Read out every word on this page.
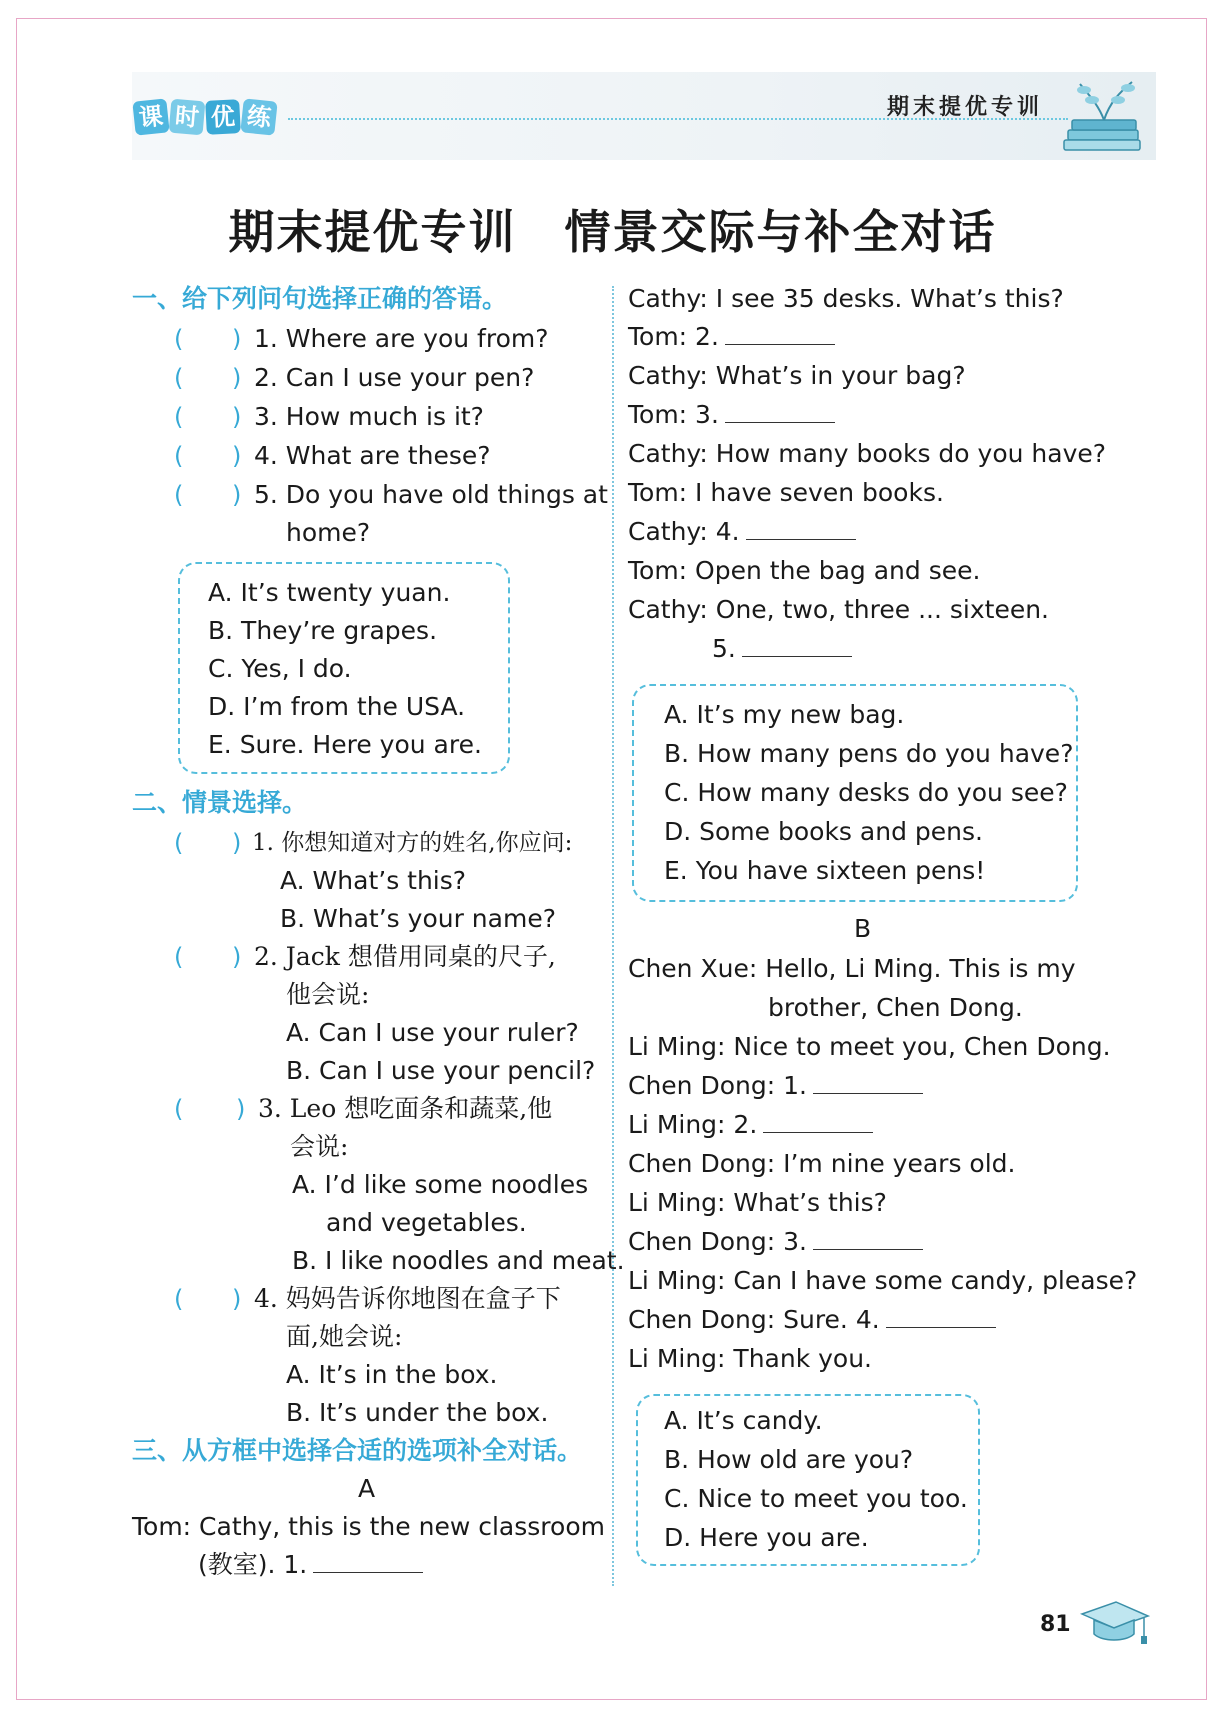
课 时 优 练	期末提优专训
期末提优专训　情景交际与补全对话
一、给下列问句选择正确的答语。
( ) 1. Where are you from?
( ) 2. Can I use your pen?
( ) 3. How much is it?
( ) 4. What are these?
( ) 5. Do you have old things at
home?
A. It’s twenty yuan.
B. They’re grapes.
C. Yes, I do.
D. I’m from the USA.
E. Sure. Here you are.
二、情景选择。
( ) 1. 你想知道对方的姓名,你应问:
A. What’s this?
B. What’s your name?
( ) 2. Jack 想借用同桌的尺子,
他会说:
A. Can I use your ruler?
B. Can I use your pencil?
( ) 3. Leo 想吃面条和蔬菜,他
会说:
A. I’d like some noodles
and vegetables.
B. I like noodles and meat.
( ) 4. 妈妈告诉你地图在盒子下
面,她会说:
A. It’s in the box.
B. It’s under the box.
三、从方框中选择合适的选项补全对话。
A
Tom: Cathy, this is the new classroom
(教室). 1.
Cathy: I see 35 desks. What’s this?
Tom: 2.
Cathy: What’s in your bag?
Tom: 3.
Cathy: How many books do you have?
Tom: I have seven books.
Cathy: 4.
Tom: Open the bag and see.
Cathy: One, two, three ... sixteen.
5.
A. It’s my new bag.
B. How many pens do you have?
C. How many desks do you see?
D. Some books and pens.
E. You have sixteen pens!
B
Chen Xue: Hello, Li Ming. This is my
brother, Chen Dong.
Li Ming: Nice to meet you, Chen Dong.
Chen Dong: 1.
Li Ming: 2.
Chen Dong: I’m nine years old.
Li Ming: What’s this?
Chen Dong: 3.
Li Ming: Can I have some candy, please?
Chen Dong: Sure. 4.
Li Ming: Thank you.
A. It’s candy.
B. How old are you?
C. Nice to meet you too.
D. Here you are.
81
